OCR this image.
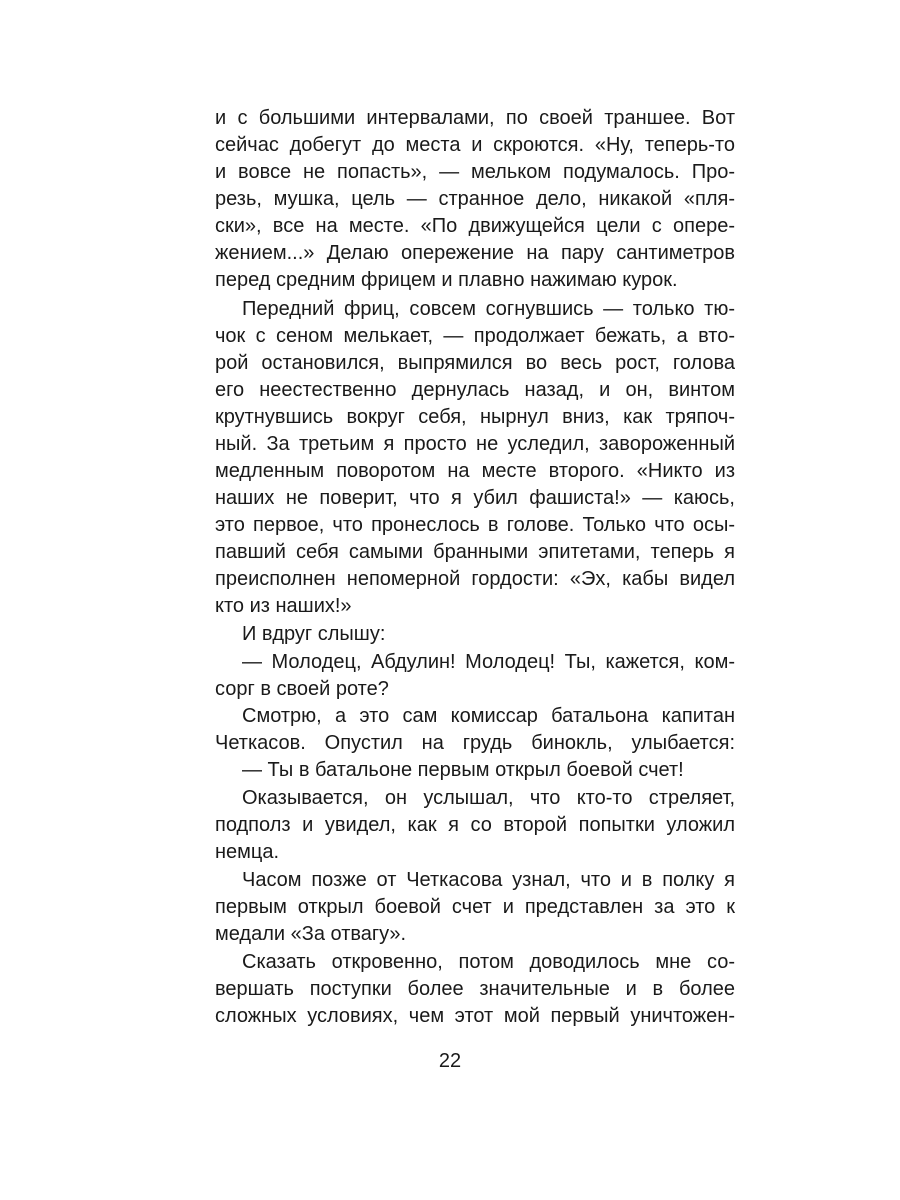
и с большими интервалами, по своей траншее. Вот
сейчас добегут до места и скроются. «Ну, теперь-то
и вовсе не попасть», — мельком подумалось. Про-
резь, мушка, цель — странное дело, никакой «пля-
ски», все на месте. «По движущейся цели с опере-
жением...» Делаю опережение на пару сантиметров
перед средним фрицем и плавно нажимаю курок.
Передний фриц, совсем согнувшись — только тю-
чок с сеном мелькает, — продолжает бежать, а вто-
рой остановился, выпрямился во весь рост, голова
его неестественно дернулась назад, и он, винтом
крутнувшись вокруг себя, нырнул вниз, как тряпоч-
ный. За третьим я просто не уследил, завороженный
медленным поворотом на месте второго. «Никто из
наших не поверит, что я убил фашиста!» — каюсь,
это первое, что пронеслось в голове. Только что осы-
павший себя самыми бранными эпитетами, теперь я
преисполнен непомерной гордости: «Эх, кабы видел
кто из наших!»
И вдруг слышу:
— Молодец, Абдулин! Молодец! Ты, кажется, ком-
сорг в своей роте?
Смотрю, а это сам комиссар батальона капитан
Четкасов. Опустил на грудь бинокль, улыбается:
— Ты в батальоне первым открыл боевой счет!
Оказывается, он услышал, что кто-то стреляет,
подполз и увидел, как я со второй попытки уложил
немца.
Часом позже от Четкасова узнал, что и в полку я
первым открыл боевой счет и представлен за это к
медали «За отвагу».
Сказать откровенно, потом доводилось мне со-
вершать поступки более значительные и в более
сложных условиях, чем этот мой первый уничтожен-
22
